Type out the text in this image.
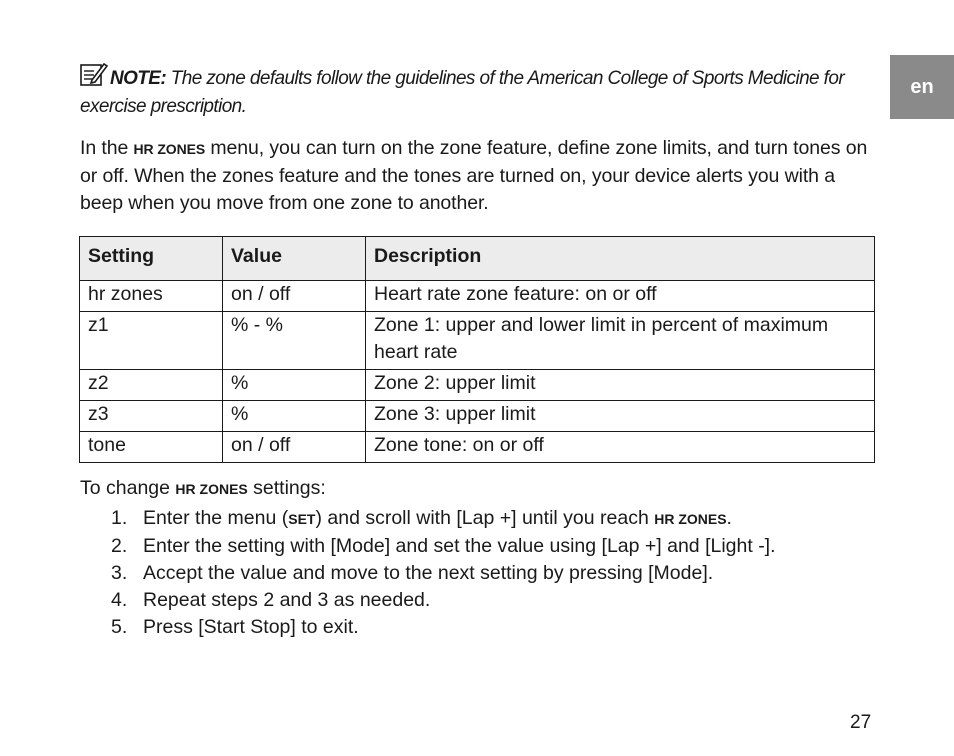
en
NOTE: The zone defaults follow the guidelines of the American College of Sports Medicine for exercise prescription.
In the HR ZONES menu, you can turn on the zone feature, define zone limits, and turn tones on or off. When the zones feature and the tones are turned on, your device alerts you with a beep when you move from one zone to another.
Setting	Value	Description
hr zones	on / off	Heart rate zone feature: on or off
z1	% - %	Zone 1: upper and lower limit in percent of maximum heart rate
z2	%	Zone 2: upper limit
z3	%	Zone 3: upper limit
tone	on / off	Zone tone: on or off
To change HR ZONES settings:
1. Enter the menu (SET) and scroll with [Lap +] until you reach HR ZONES.
2. Enter the setting with [Mode] and set the value using [Lap +] and [Light -].
3. Accept the value and move to the next setting by pressing [Mode].
4. Repeat steps 2 and 3 as needed.
5. Press [Start Stop] to exit.
27
